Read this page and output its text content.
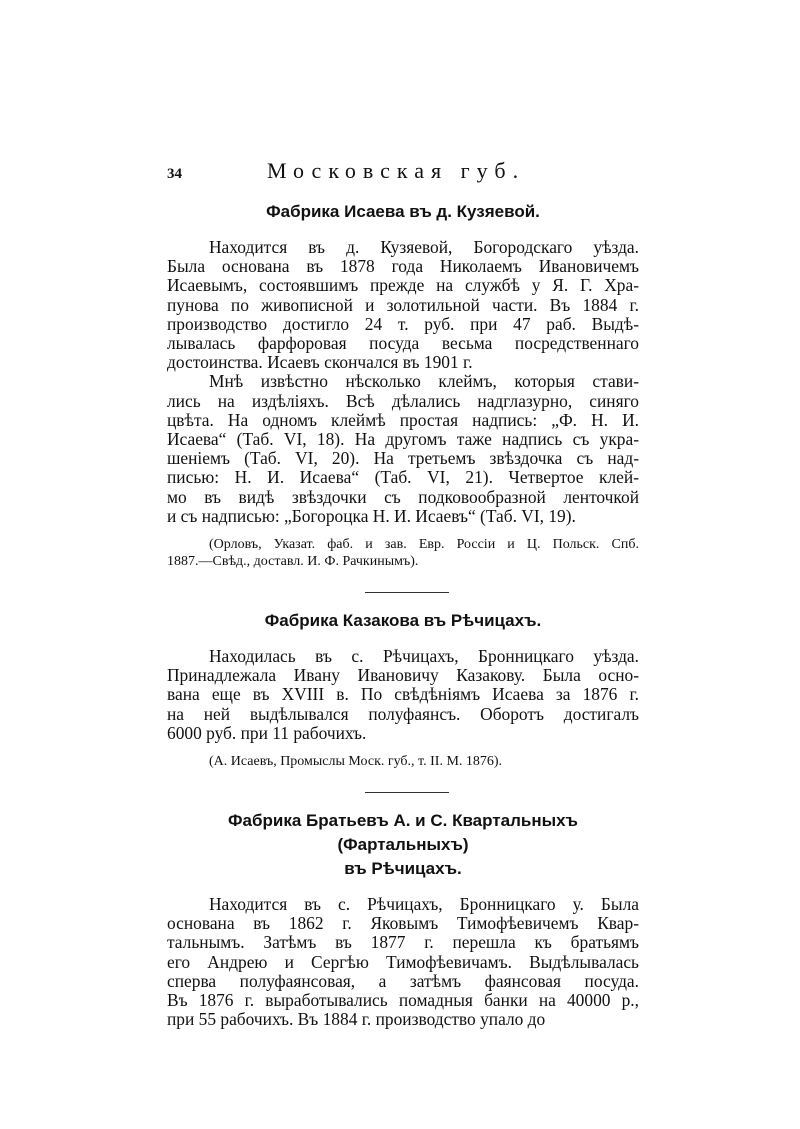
34	Московская губ.
Фабрика Исаева въ д. Кузяевой.
Находится въ д. Кузяевой, Богородскаго уѣзда.
Была основана въ 1878 года Николаемъ Ивановичемъ
Исаевымъ, состоявшимъ прежде на службѣ у Я. Г. Хра-
пунова по живописной и золотильной части. Въ 1884 г.
производство достигло 24 т. руб. при 47 раб. Выдѣ-
лывалась фарфоровая посуда весьма посредственнаго
достоинства. Исаевъ скончался въ 1901 г.
Мнѣ извѣстно нѣсколько клеймъ, которыя стави-
лись на издѣліяхъ. Всѣ дѣлались надглазурно, синяго
цвѣта. На одномъ клеймѣ простая надпись: „Ф. Н. И.
Исаева“ (Таб. VI, 18). На другомъ таже надпись съ укра-
шеніемъ (Таб. VI, 20). На третьемъ звѣздочка съ над-
писью: Н. И. Исаева“ (Таб. VI, 21). Четвертое клей-
мо въ видѣ звѣздочки съ подковообразной ленточкой
и съ надписью: „Богороцка Н. И. Исаевъ“ (Таб. VI, 19).
(Орловъ, Указат. фаб. и зав. Евр. Россіи и Ц. Польск. Спб.
1887.—Свѣд., доставл. И. Ф. Рачкинымъ).
Фабрика Казакова въ Рѣчицахъ.
Находилась въ с. Рѣчицахъ, Бронницкаго уѣзда.
Принадлежала Ивану Ивановичу Казакову. Была осно-
вана еще въ XVIII в. По свѣдѣніямъ Исаева за 1876 г.
на ней выдѣлывался полуфаянсъ. Оборотъ достигалъ
6000 руб. при 11 рабочихъ.
(А. Исаевъ, Промыслы Моск. губ., т. II. М. 1876).
Фабрика Братьевъ А. и С. Квартальныхъ (Фартальныхъ)
въ Рѣчицахъ.
Находится въ с. Рѣчицахъ, Бронницкаго у. Была
основана въ 1862 г. Яковымъ Тимофѣевичемъ Квар-
тальнымъ. Затѣмъ въ 1877 г. перешла къ братьямъ
его Андрею и Сергѣю Тимофѣевичамъ. Выдѣлывалась
сперва полуфаянсовая, а затѣмъ фаянсовая посуда.
Въ 1876 г. выработывались помадныя банки на 40000 р.,
при 55 рабочихъ. Въ 1884 г. производство упало до
